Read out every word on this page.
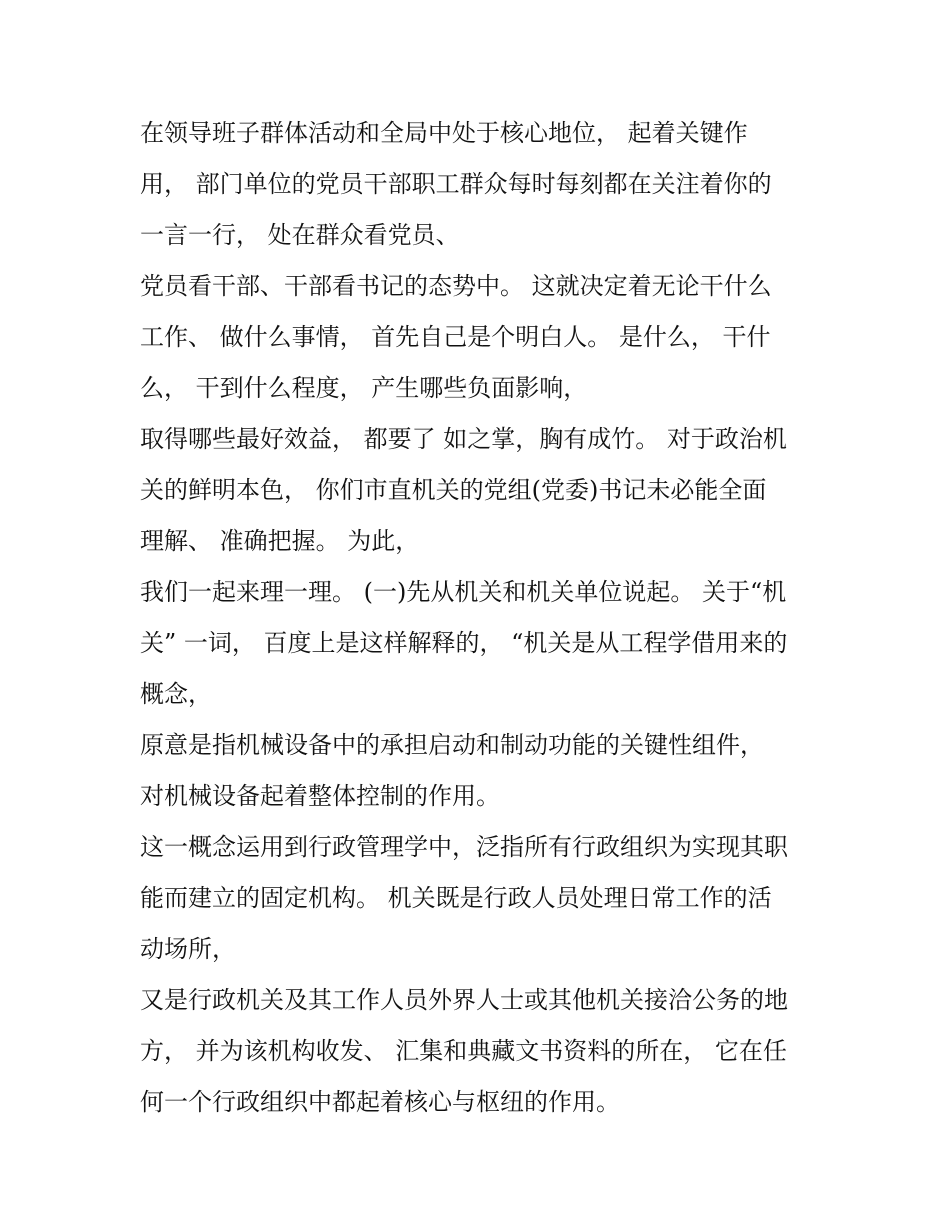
在领导班子群体活动和全局中处于核心地位， 起着关键作
用， 部门单位的党员干部职工群众每时每刻都在关注着你的
一言一行， 处在群众看党员、
党员看干部、干部看书记的态势中。 这就决定着无论干什么
工作、 做什么事情， 首先自己是个明白人。 是什么， 干什
么， 干到什么程度， 产生哪些负面影响，
取得哪些最好效益， 都要了 如之掌，胸有成竹。 对于政治机
关的鲜明本色， 你们市直机关的党组(党委)书记未必能全面
理解、 准确把握。 为此，
我们一起来理一理。 (一)先从机关和机关单位说起。 关于“机
关” 一词， 百度上是这样解释的， “机关是从工程学借用来的
概念，
原意是指机械设备中的承担启动和制动功能的关键性组件，
对机械设备起着整体控制的作用。
这一概念运用到行政管理学中，泛指所有行政组织为实现其职
能而建立的固定机构。 机关既是行政人员处理日常工作的活
动场所，
又是行政机关及其工作人员外界人士或其他机关接洽公务的地
方， 并为该机构收发、 汇集和典藏文书资料的所在， 它在任
何一个行政组织中都起着核心与枢纽的作用。
